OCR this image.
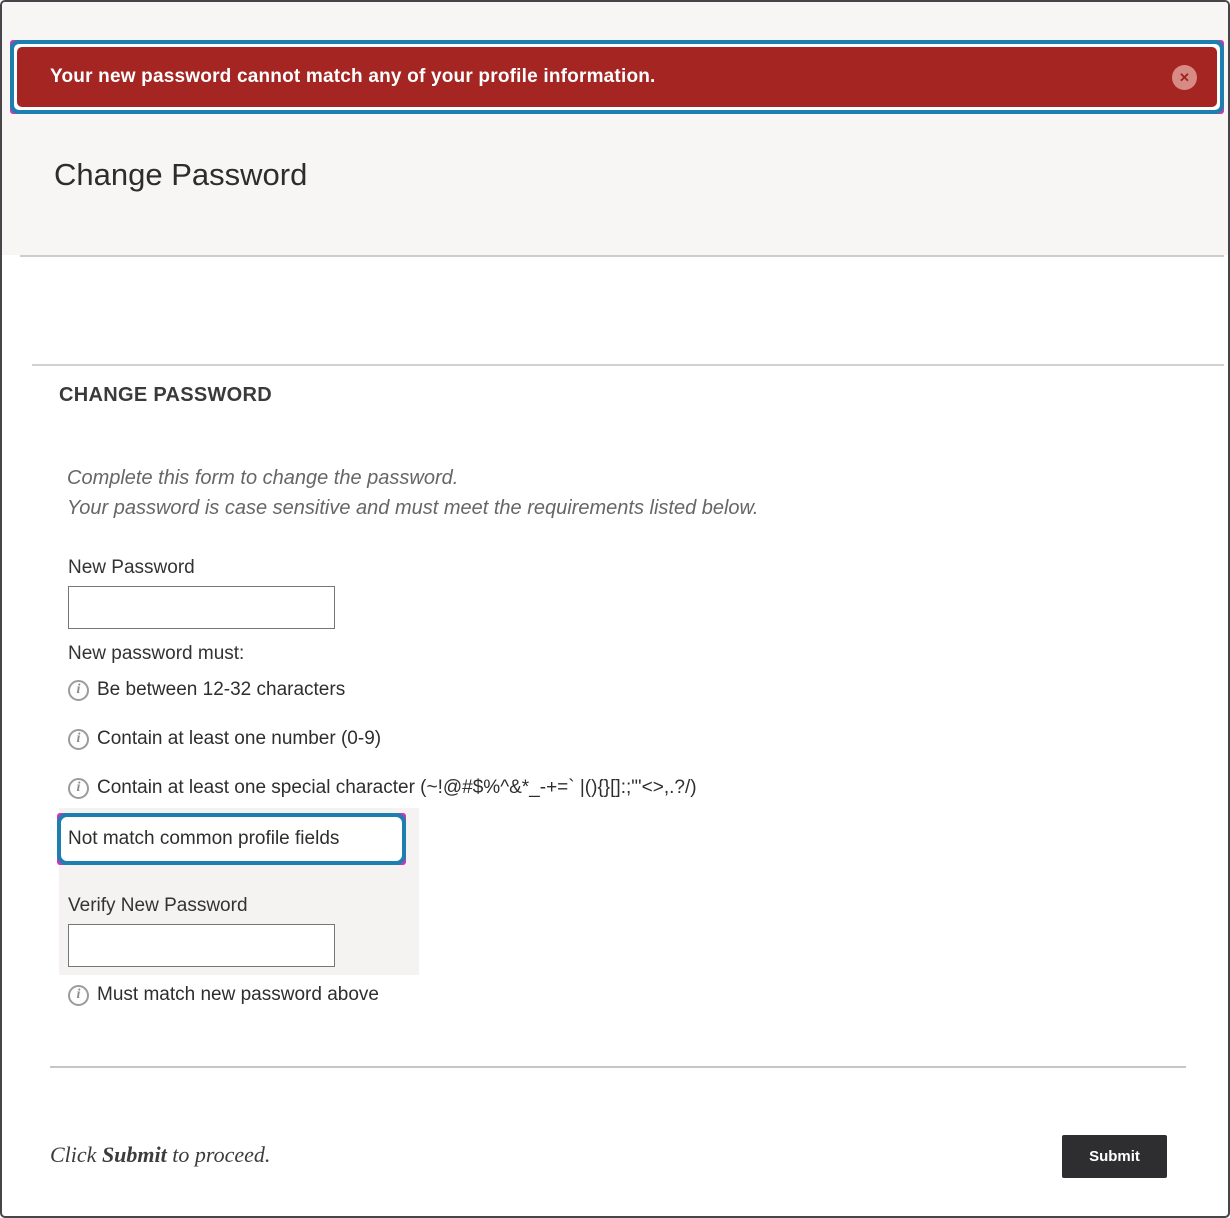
Your new password cannot match any of your profile information.	✕
Change Password
CHANGE PASSWORD
Complete this form to change the password.
Your password is case sensitive and must meet the requirements listed below.
New Password
New password must:
i Be between 12-32 characters
i Contain at least one number (0-9)
i Contain at least one special character (~!@#$%^&*_-+=` |(){}[]:;"'<>,.?/)
Not match common profile fields
Verify New Password
i Must match new password above

Click Submit to proceed.	Submit
